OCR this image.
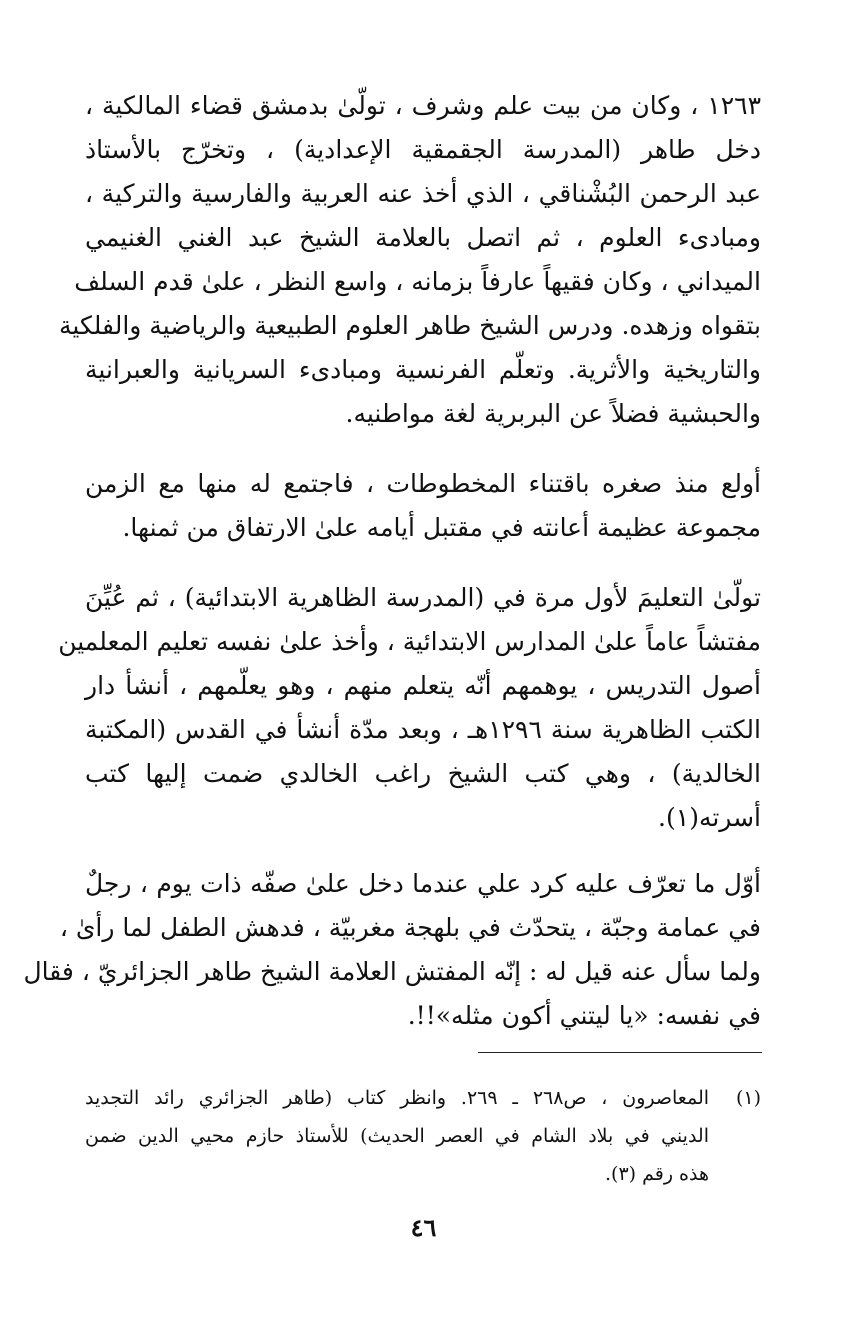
١٢٦٣ ، وكان من بيت علم وشرف ، تولّىٰ بدمشق قضاء المالكية ،
دخل طاهر (المدرسة الجقمقية الإعدادية) ، وتخرّج بالأستاذ
عبد الرحمن البُشْناقي ، الذي أخذ عنه العربية والفارسية والتركية ،
ومبادىء العلوم ، ثم اتصل بالعلامة الشيخ عبد الغني الغنيمي
الميداني ، وكان فقيهاً عارفاً بزمانه ، واسع النظر ، علىٰ قدم السلف
بتقواه وزهده. ودرس الشيخ طاهر العلوم الطبيعية والرياضية والفلكية
والتاريخية والأثرية. وتعلّم الفرنسية ومبادىء السريانية والعبرانية
والحبشية فضلاً عن البربرية لغة مواطنيه.
أولع منذ صغره باقتناء المخطوطات ، فاجتمع له منها مع الزمن
مجموعة عظيمة أعانته في مقتبل أيامه علىٰ الارتفاق من ثمنها.
تولّىٰ التعليمَ لأول مرة في (المدرسة الظاهرية الابتدائية) ، ثم عُيِّنَ
مفتشاً عاماً علىٰ المدارس الابتدائية ، وأخذ علىٰ نفسه تعليم المعلمين
أصول التدريس ، يوهمهم أنّه يتعلم منهم ، وهو يعلّمهم ، أنشأ دار
الكتب الظاهرية سنة ١٢٩٦هـ ، وبعد مدّة أنشأ في القدس (المكتبة
الخالدية) ، وهي كتب الشيخ راغب الخالدي ضمت إليها كتب
أسرته(١).
أوّل ما تعرّف عليه كرد علي عندما دخل علىٰ صفّه ذات يوم ، رجلٌ
في عمامة وجبّة ، يتحدّث في بلهجة مغربيّة ، فدهش الطفل لما رأىٰ ،
ولما سأل عنه قيل له : إنّه المفتش العلامة الشيخ طاهر الجزائريّ ، فقال
في نفسه: «يا ليتني أكون مثله»!!.
(١)
المعاصرون ، ص٢٦٨ ـ ٢٦٩. وانظر كتاب (طاهر الجزائري رائد التجديد
الديني في بلاد الشام في العصر الحديث) للأستاذ حازم محيي الدين ضمن
هذه رقم (٣).
٤٦
